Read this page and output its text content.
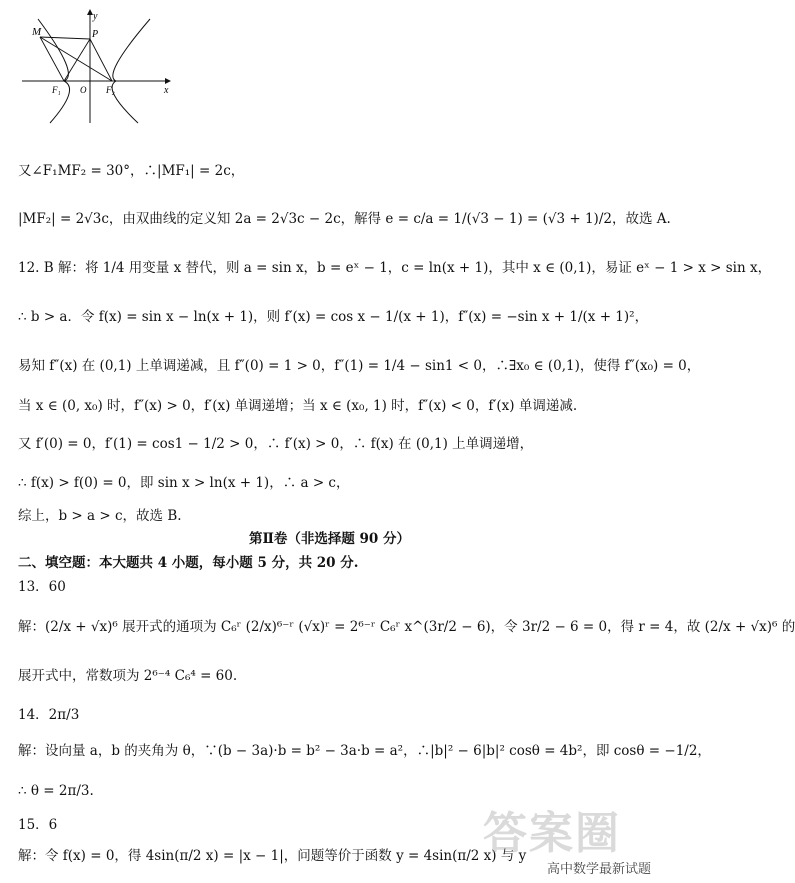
y
x
M	P
F₁ O F₂
又∠F₁MF₂ = 30°，∴|MF₁| = 2c，
|MF₂| = 2√3c，由双曲线的定义知 2a = 2√3c − 2c，解得 e = c/a = 1/(√3 − 1) = (√3 + 1)/2，故选 A.
12. B 解：将 1/4 用变量 x 替代，则 a = sin x，b = eˣ − 1，c = ln(x + 1)，其中 x ∈ (0,1)，易证 eˣ − 1 > x > sin x，
∴ b > a．令 f(x) = sin x − ln(x + 1)，则 f′(x) = cos x − 1/(x + 1)，f″(x) = −sin x + 1/(x + 1)²，
易知 f″(x) 在 (0,1) 上单调递减，且 f″(0) = 1 > 0，f″(1) = 1/4 − sin1 < 0，∴∃x₀ ∈ (0,1)，使得 f″(x₀) = 0，
当 x ∈ (0, x₀) 时，f″(x) > 0，f′(x) 单调递增；当 x ∈ (x₀, 1) 时，f″(x) < 0，f′(x) 单调递减.
又 f′(0) = 0，f′(1) = cos1 − 1/2 > 0，∴ f′(x) > 0，∴ f(x) 在 (0,1) 上单调递增，
∴ f(x) > f(0) = 0，即 sin x > ln(x + 1)，∴ a > c，
综上，b > a > c，故选 B.
第Ⅱ卷（非选择题 90 分）
二、填空题：本大题共 4 小题，每小题 5 分，共 20 分.
13．60
解：(2/x + √x)⁶ 展开式的通项为 C₆ʳ (2/x)⁶⁻ʳ (√x)ʳ = 2⁶⁻ʳ C₆ʳ x^(3r/2 − 6)，令 3r/2 − 6 = 0，得 r = 4，故 (2/x + √x)⁶ 的
展开式中，常数项为 2⁶⁻⁴ C₆⁴ = 60.
14．2π/3
解：设向量 a，b 的夹角为 θ，∵(b − 3a)·b = b² − 3a·b = a²，∴|b|² − 6|b|² cosθ = 4b²，即 cosθ = −1/2，
∴ θ = 2π/3.
15．6
解：令 f(x) = 0，得 4sin(π/2 x) = |x − 1|，问题等价于函数 y = 4sin(π/2 x) 与 y
答案圈
高中数学最新试题
